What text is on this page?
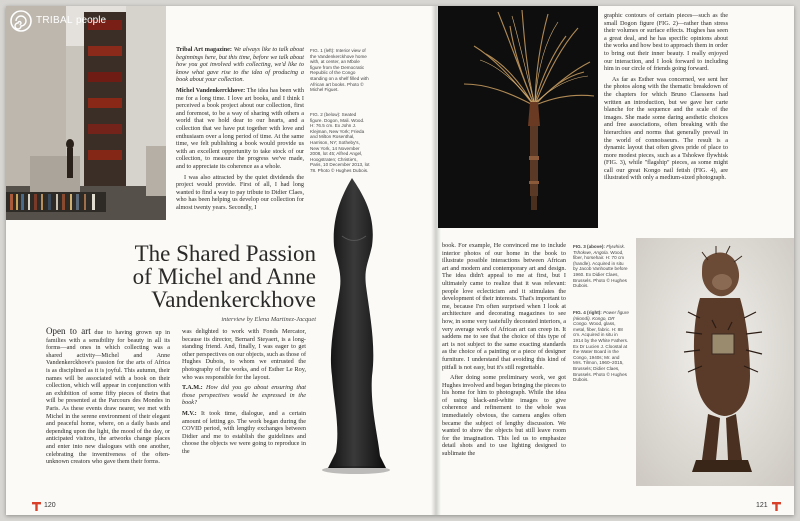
TRIBAL people

Tribal Art magazine: We always like to talk about beginnings here, but this time, before we talk about how you got involved with collecting, we'd like to know what gave rise to the idea of producing a book about your collection.

Michel Vandenkerckhove: The idea has been with me for a long time. I love art books, and I think I perceived a book project about our collection, first and foremost, to be a way of sharing with others a world that we hold dear to our hearts, and a collection that we have put together with love and enthusiasm over a long period of time. At the same time, we felt publishing a book would provide us with an excellent opportunity to take stock of our collection, to measure the progress we've made, and to appreciate its coherence as a whole.

I was also attracted by the quiet dividends the project would provide. First of all, I had long wanted to find a way to pay tribute to Didier Claes, who has been helping us develop our collection for almost twenty years. Secondly, I

FIG. 1 (left): Interior view of the Vandenkerckhove home with, at center, an Mbole figure from the Democratic Republic of the Congo standing on a shelf filled with African art books. Photo © Michel Figuet.
FIG. 2 (below): Seated figure. Dogon, Mali. Wood. H: 76.5 cm. Ex John J. Klejman, New York; Frieda and Milton Rosenthal, Harrison, NY; Sotheby's, New York, 14 November 2008, lot 45; Alfred Angel, Hoogstraten; Christie's, Paris, 10 December 2013, lot 78. Photo © Hughes Dubois.
The Shared Passion
of Michel and Anne
Vandenkerckhove
interview by Elena Martinez-Jacquet

Open to art due to having grown up in families with a sensibility for beauty in all its forms—and ones in which collecting was a shared activity—Michel and Anne Vandenkerckhove's passion for the arts of Africa is as disciplined as it is joyful. This autumn, their names will be associated with a book on their collection, which will appear in conjunction with an exhibition of some fifty pieces of theirs that will be presented at the Parcours des Mondes in Paris. As these events draw nearer, we met with Michel in the serene environment of their elegant and peaceful home, where, on a daily basis and depending upon the light, the mood of the day, or anticipated visitors, the artworks change places and enter into new dialogues with one another, celebrating the inventiveness of the often-unknown creators who gave them their forms.

was delighted to work with Fonds Mercator, because its director, Bernard Steyaert, is a long-standing friend. And, finally, I was eager to get other perspectives on our objects, such as those of Hughes Dubois, to whom we entrusted the photography of the works, and of Esther Le Roy, who was responsible for the layout.

T.A.M.: How did you go about ensuring that those perspectives would be expressed in the book?

M.V.: It took time, dialogue, and a certain amount of letting go. The work began during the COVID period, with lengthy exchanges between Didier and me to establish the guidelines and choose the objects we were going to reproduce in the

120

book. For example, He convinced me to include interior photos of our home in the book to illustrate possible interactions between African art and modern and contemporary art and design. The idea didn't appeal to me at first, but I ultimately came to realize that it was relevant: people love eclecticism and it stimulates the development of their interests. That's important to me, because I'm often surprised when I look at architecture and decorating magazines to see how, in some very tastefully decorated interiors, a very average work of African art can creep in. It saddens me to see that the choice of this type of art is not subject to the same exacting standards as the choice of a painting or a piece of designer furniture. I understand that avoiding this kind of pitfall is not easy, but it's still regrettable.

After doing some preliminary work, we got Hughes involved and began bringing the pieces to his home for him to photograph. While the idea of using black-and-white images to give coherence and refinement to the whole was immediately obvious, the camera angles often became the subject of lengthy discussion. We wanted to show the objects but still leave room for the imagination. This led us to emphasize detail shots and to use lighting designed to sublimate the

graphic contours of certain pieces—such as the small Dogon figure (FIG. 2)—rather than stress their volumes or surface effects. Hughes has seen a great deal, and he has specific opinions about the works and how best to approach them in order to bring out their inner beauty. I really enjoyed our interaction, and I look forward to including him in our circle of friends going forward.

As far as Esther was concerned, we sent her the photos along with the thematic breakdown of the chapters for which Bruno Claessens had written an introduction, but we gave her carte blanche for the sequence and the scale of the images. She made some daring aesthetic choices and free associations, often breaking with the hierarchies and norms that generally prevail in the world of connoisseurs. The result is a dynamic layout that often gives pride of place to more modest pieces, such as a Tshokwe flywhisk (FIG. 3), while "flagship" pieces, as some might call our great Kongo nail fetish (FIG. 4), are illustrated with only a medium-sized photograph.

FIG. 3 (above): Flywhisk. Tshokwe, Angola. Wood, fiber, horsehair. H: 70 cm (handle). Acquired in situ by Jacob Vanhoutte before 1960. Ex Didier Claes, Brussels. Photo © Hughes Dubois.
FIG. 4 (right): Power figure (nkondi). Kongo, DR Congo. Wood, glass, metal, fiber, fabric. H: 88 cm. Acquired in situ in 1914 by the White Fathers. Ex Dr Lucien J. Cloostal at the Water Board in the Congo, 1940s; Mr. and Mrs. Tilmon, 1960–2015, Brussels; Didier Claes, Brussels. Photo © Hughes Dubois.
121
